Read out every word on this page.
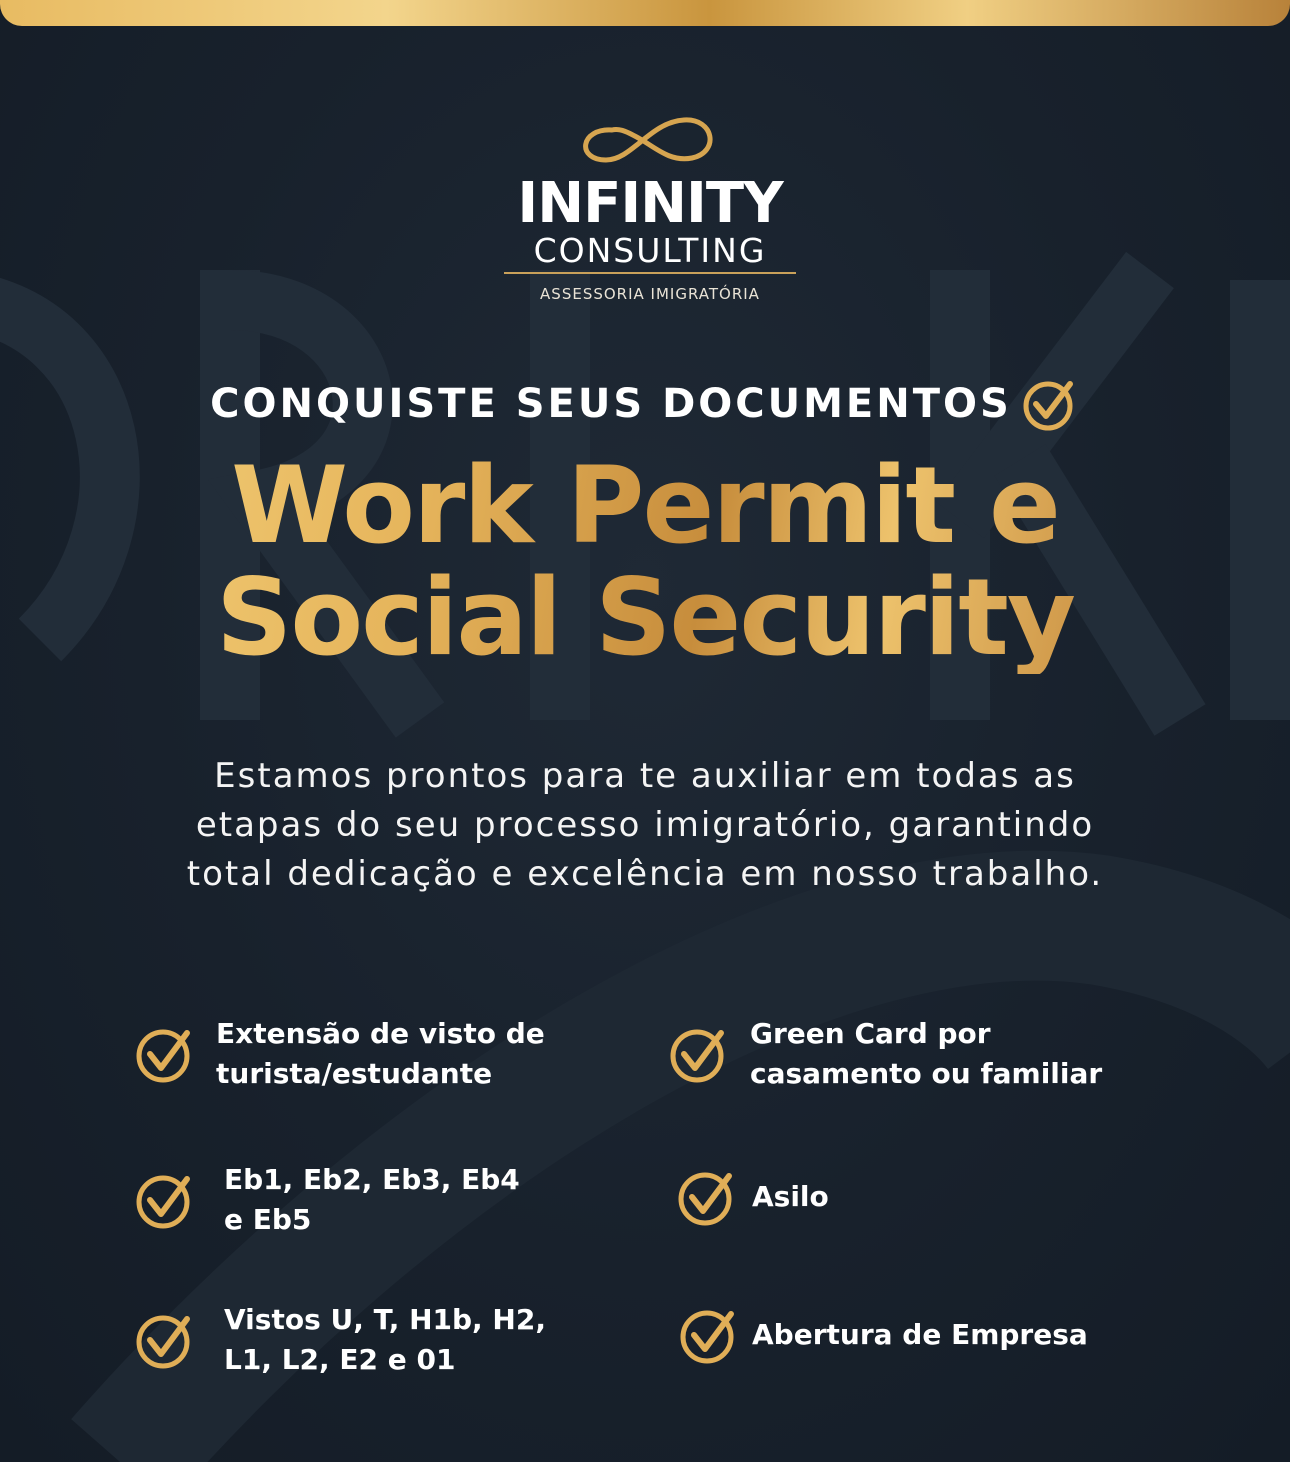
INFINITY
CONSULTING
ASSESSORIA IMIGRATÓRIA
CONQUISTE SEUS DOCUMENTOS
Work Permit e
Social Security
Estamos prontos para te auxiliar em todas as
etapas do seu processo imigratório, garantindo
total dedicação e excelência em nosso trabalho.
Extensão de visto de
turista/estudante
Green Card por
casamento ou familiar
Eb1, Eb2, Eb3, Eb4
e Eb5
Asilo
Vistos U, T, H1b, H2,
L1, L2, E2 e 01
Abertura de Empresa
